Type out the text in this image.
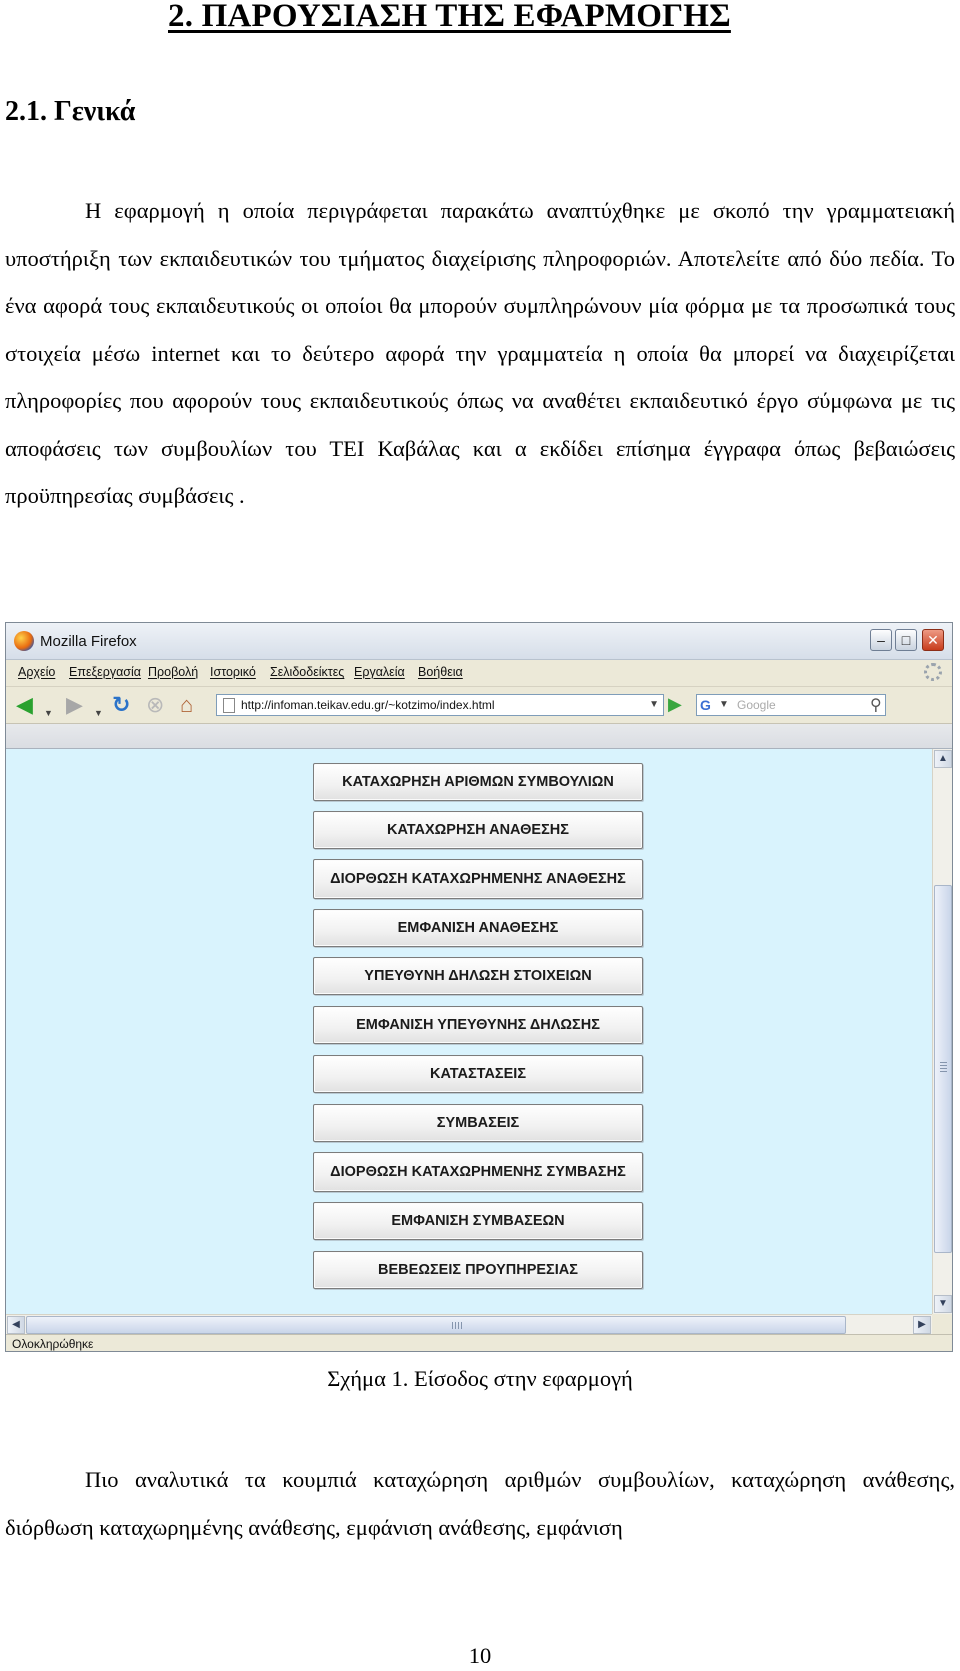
2. ΠΑΡΟΥΣΙΑΣΗ ΤΗΣ ΕΦΑΡΜΟΓΗΣ
2.1. Γενικά

Η εφαρμογή η οποία περιγράφεται παρακάτω αναπτύχθηκε με σκοπό την γραμματειακή υποστήριξη των εκπαιδευτικών του τμήματος διαχείρισης πληροφοριών. Αποτελείτε από δύο πεδία. Το ένα αφορά τους εκπαιδευτικούς οι οποίοι θα μπορούν συμπληρώνουν μία φόρμα με τα προσωπικά τους στοιχεία μέσω internet και το δεύτερο αφορά την γραμματεία η οποία θα μπορεί να διαχειρίζεται πληροφορίες που αφορούν τους εκπαιδευτικούς όπως να αναθέτει εκπαιδευτικό έργο σύμφωνα με τις αποφάσεις των συμβουλίων του ΤΕΙ Καβάλας και α εκδίδει επίσημα έγγραφα όπως βεβαιώσεις προϋπηρεσίας συμβάσεις .

Mozilla Firefox	–	□	✕
Αρχείο Επεξεργασία Προβολή Ιστορικό Σελιδοδείκτες Εργαλεία Βοήθεια
◀ ▼ ▶ ▼ ↻ ⊗ ⌂	http://infoman.teikav.edu.gr/~kotzimo/index.html	▼ ▶ G ▼ Google	⚲
ΚΑΤΑΧΩΡΗΣΗ ΑΡΙΘΜΩΝ ΣΥΜΒΟΥΛΙΩΝ
ΚΑΤΑΧΩΡΗΣΗ ΑΝΑΘΕΣΗΣ
ΔΙΟΡΘΩΣΗ ΚΑΤΑΧΩΡΗΜΕΝΗΣ ΑΝΑΘΕΣΗΣ
ΕΜΦΑΝΙΣΗ ΑΝΑΘΕΣΗΣ
ΥΠΕΥΘΥΝΗ ΔΗΛΩΣΗ ΣΤΟΙΧΕΙΩΝ
ΕΜΦΑΝΙΣΗ ΥΠΕΥΘΥΝΗΣ ΔΗΛΩΣΗΣ
ΚΑΤΑΣΤΑΣΕΙΣ
ΣΥΜΒΑΣΕΙΣ
ΔΙΟΡΘΩΣΗ ΚΑΤΑΧΩΡΗΜΕΝΗΣ ΣΥΜΒΑΣΗΣ
ΕΜΦΑΝΙΣΗ ΣΥΜΒΑΣΕΩΝ
ΒΕΒΕΩΣΕΙΣ ΠΡΟΥΠΗΡΕΣΙΑΣ
▲
▼
◀	▶
Ολοκληρώθηκε

Σχήμα 1. Είσοδος στην εφαρμογή

Πιο αναλυτικά τα κουμπιά καταχώρηση αριθμών συμβουλίων, καταχώρηση ανάθεσης, διόρθωση καταχωρημένης ανάθεσης, εμφάνιση ανάθεσης, εμφάνιση

10
